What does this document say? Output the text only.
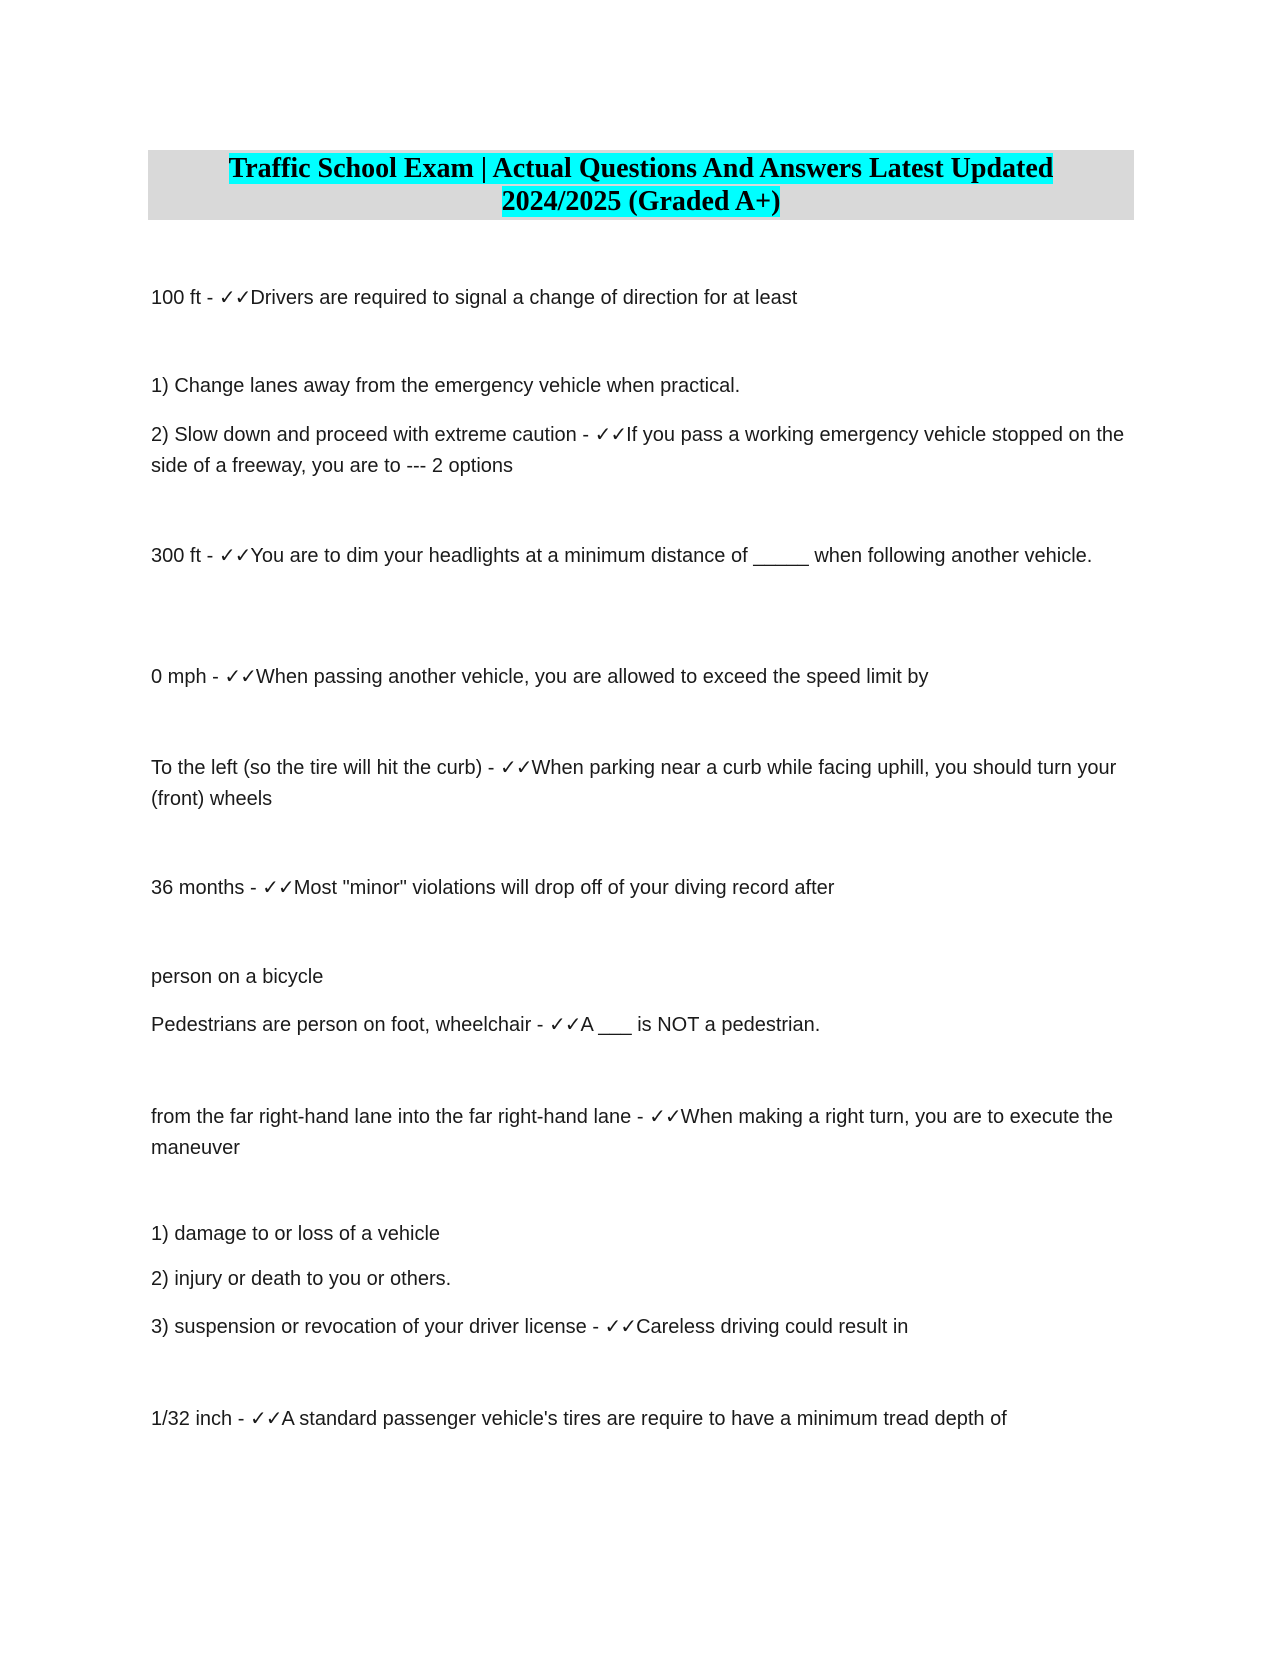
Traffic School Exam | Actual Questions And Answers Latest Updated
2024/2025 (Graded A+)

100 ft - ✓✓Drivers are required to signal a change of direction for at least

1) Change lanes away from the emergency vehicle when practical.

2) Slow down and proceed with extreme caution - ✓✓If you pass a working emergency vehicle stopped on the side of a freeway, you are to --- 2 options

300 ft - ✓✓You are to dim your headlights at a minimum distance of _____ when following another vehicle.

0 mph - ✓✓When passing another vehicle, you are allowed to exceed the speed limit by

To the left (so the tire will hit the curb) - ✓✓When parking near a curb while facing uphill, you should turn your (front) wheels

36 months - ✓✓Most "minor" violations will drop off of your diving record after

person on a bicycle

Pedestrians are person on foot, wheelchair - ✓✓A ___ is NOT a pedestrian.

from the far right-hand lane into the far right-hand lane - ✓✓When making a right turn, you are to execute the maneuver

1) damage to or loss of a vehicle

2) injury or death to you or others.

3) suspension or revocation of your driver license - ✓✓Careless driving could result in

1/32 inch - ✓✓A standard passenger vehicle's tires are require to have a minimum tread depth of
